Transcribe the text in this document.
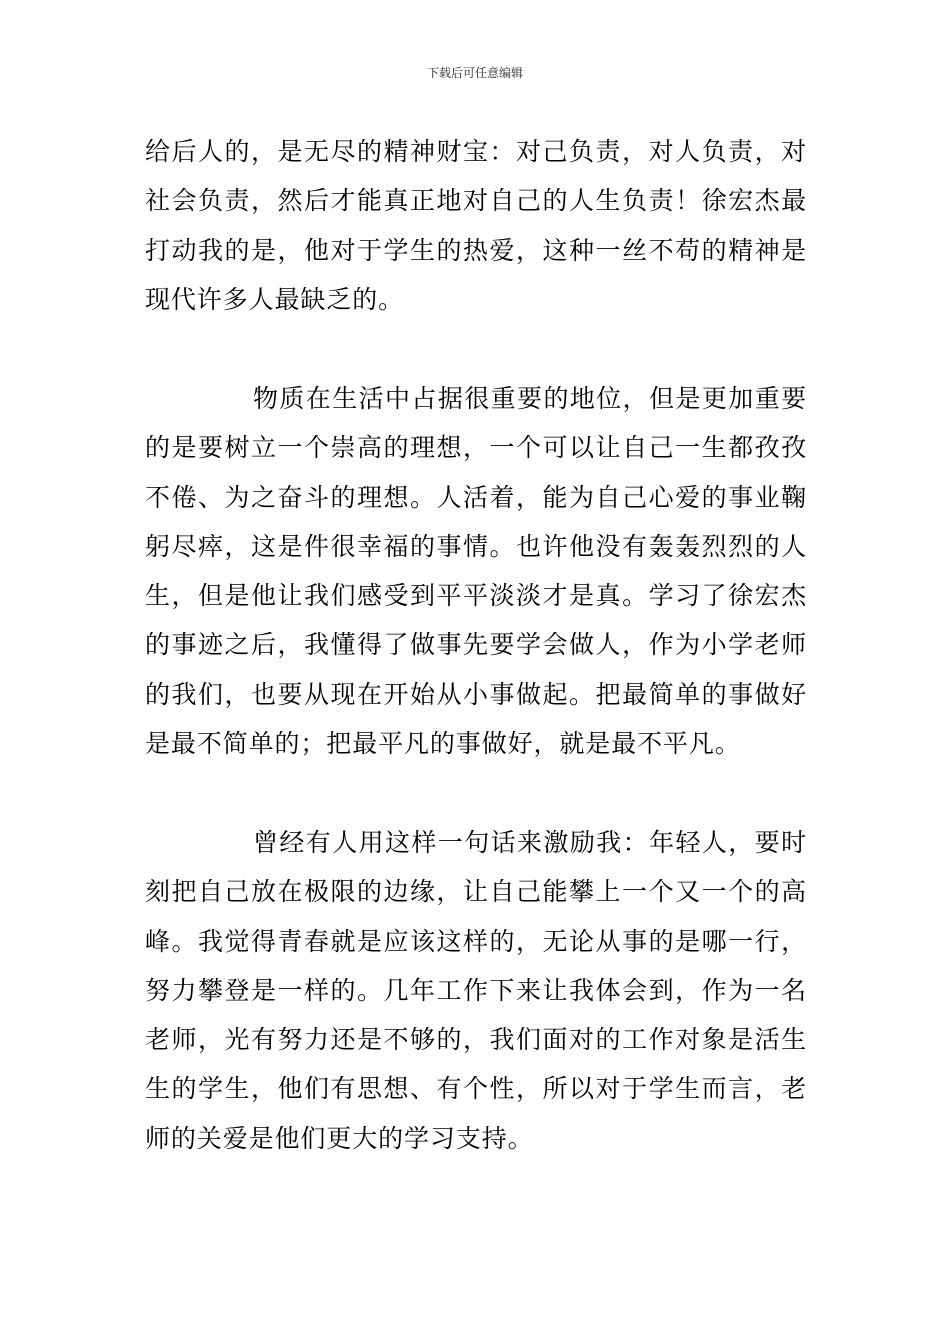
下载后可任意编辑

给后人的，是无尽的精神财宝：对己负责，对人负责，对社会负责，然后才能真正地对自己的人生负责！徐宏杰最打动我的是，他对于学生的热爱，这种一丝不苟的精神是现代许多人最缺乏的。

物质在生活中占据很重要的地位，但是更加重要的是要树立一个崇高的理想，一个可以让自己一生都孜孜不倦、为之奋斗的理想。人活着，能为自己心爱的事业鞠躬尽瘁，这是件很幸福的事情。也许他没有轰轰烈烈的人生，但是他让我们感受到平平淡淡才是真。学习了徐宏杰的事迹之后，我懂得了做事先要学会做人，作为小学老师的我们，也要从现在开始从小事做起。把最简单的事做好是最不简单的；把最平凡的事做好，就是最不平凡。

曾经有人用这样一句话来激励我：年轻人，要时刻把自己放在极限的边缘，让自己能攀上一个又一个的高峰。我觉得青春就是应该这样的，无论从事的是哪一行，努力攀登是一样的。几年工作下来让我体会到，作为一名老师，光有努力还是不够的，我们面对的工作对象是活生生的学生，他们有思想、有个性，所以对于学生而言，老师的关爱是他们更大的学习支持。
